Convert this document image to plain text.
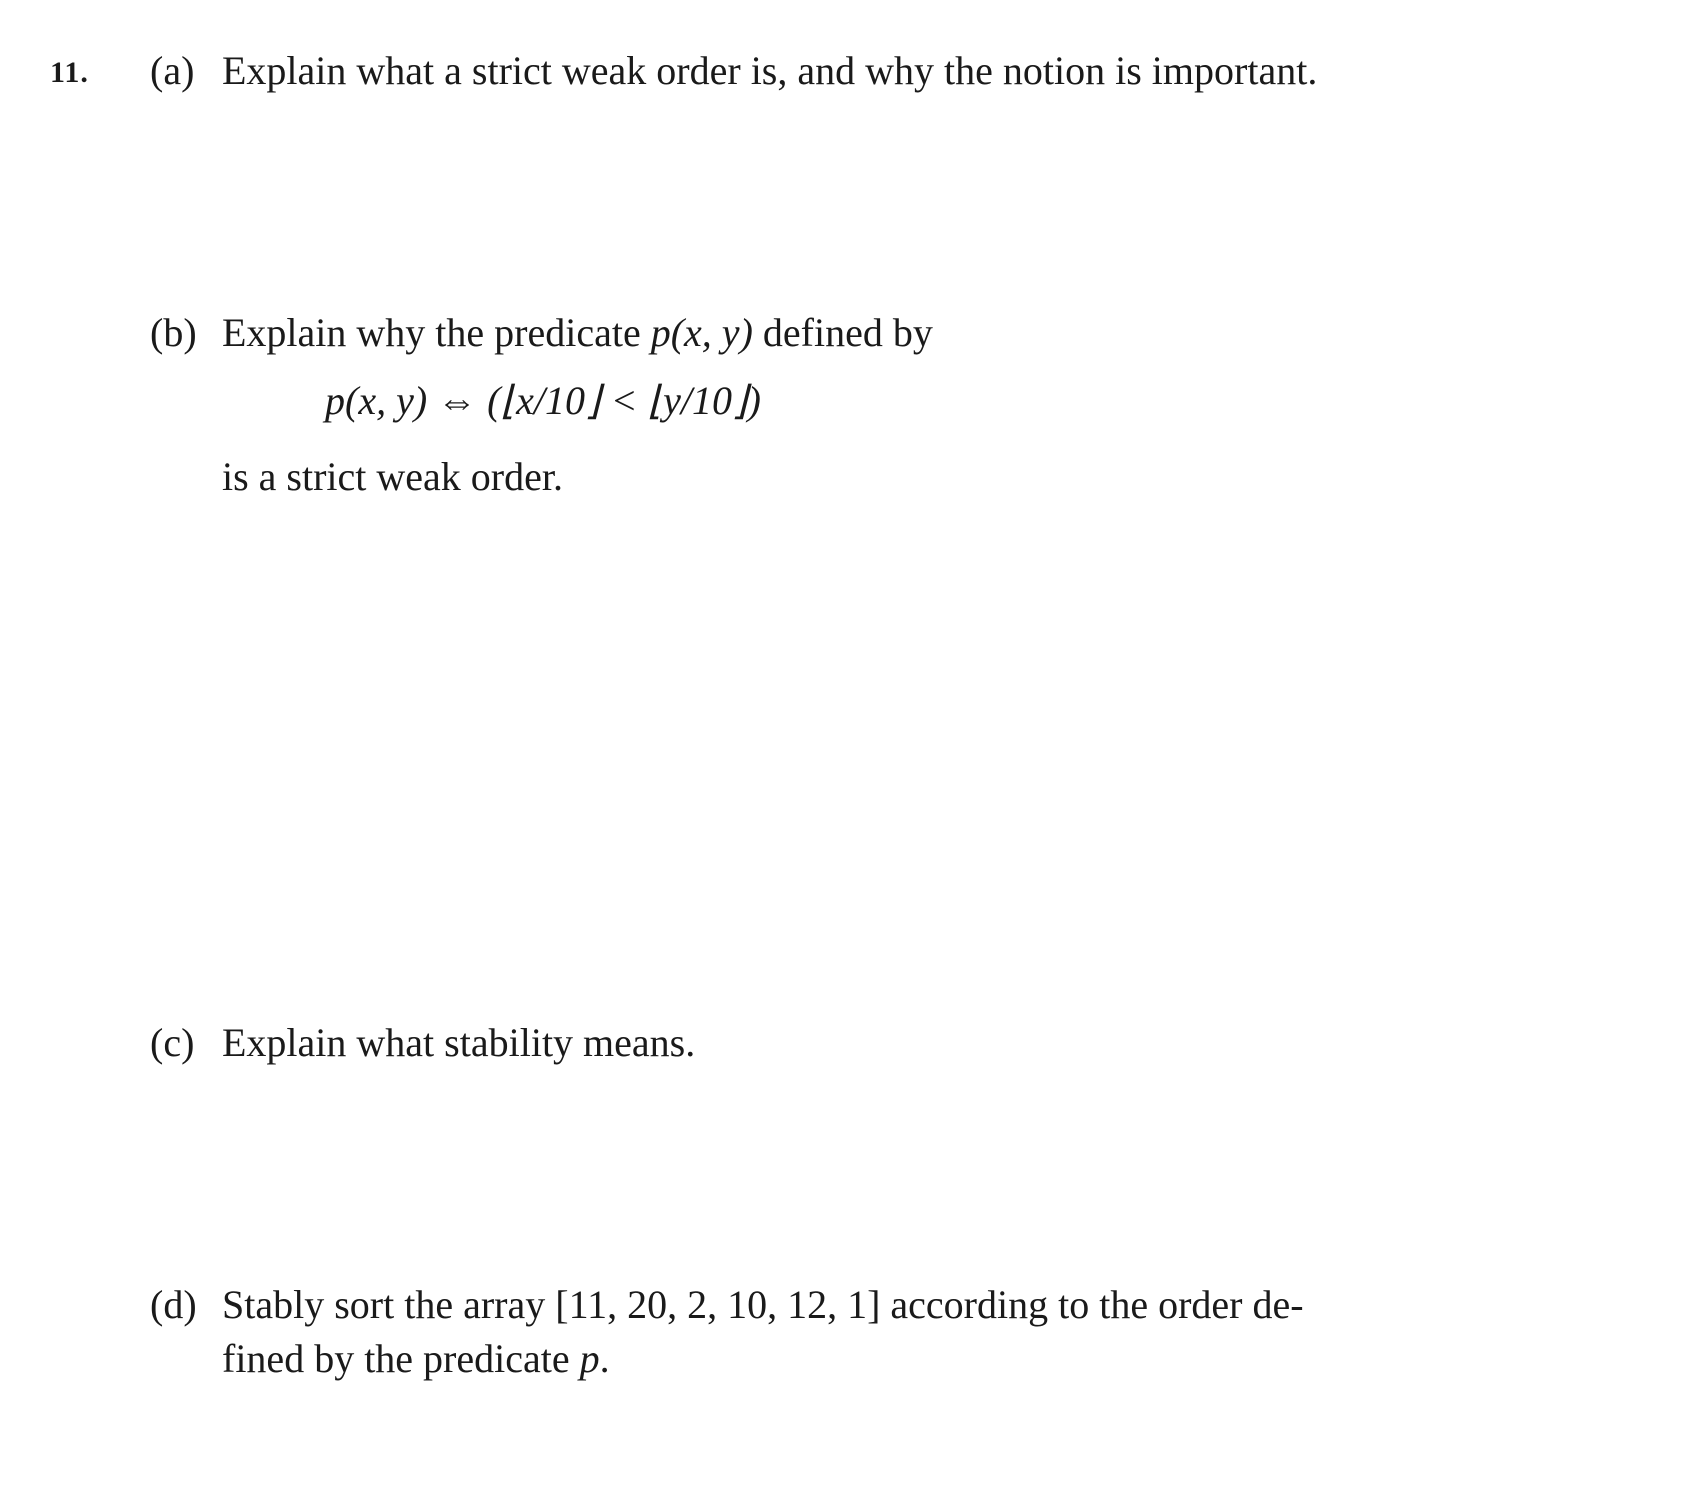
11. (a) Explain what a strict weak order is, and why the notion is important.
(b) Explain why the predicate p(x, y) defined by
p(x, y) ⇔ (⌊x/10⌋ < ⌊y/10⌋)
is a strict weak order.
(c) Explain what stability means.
(d) Stably sort the array [11, 20, 2, 10, 12, 1] according to the order de-
fined by the predicate p.
